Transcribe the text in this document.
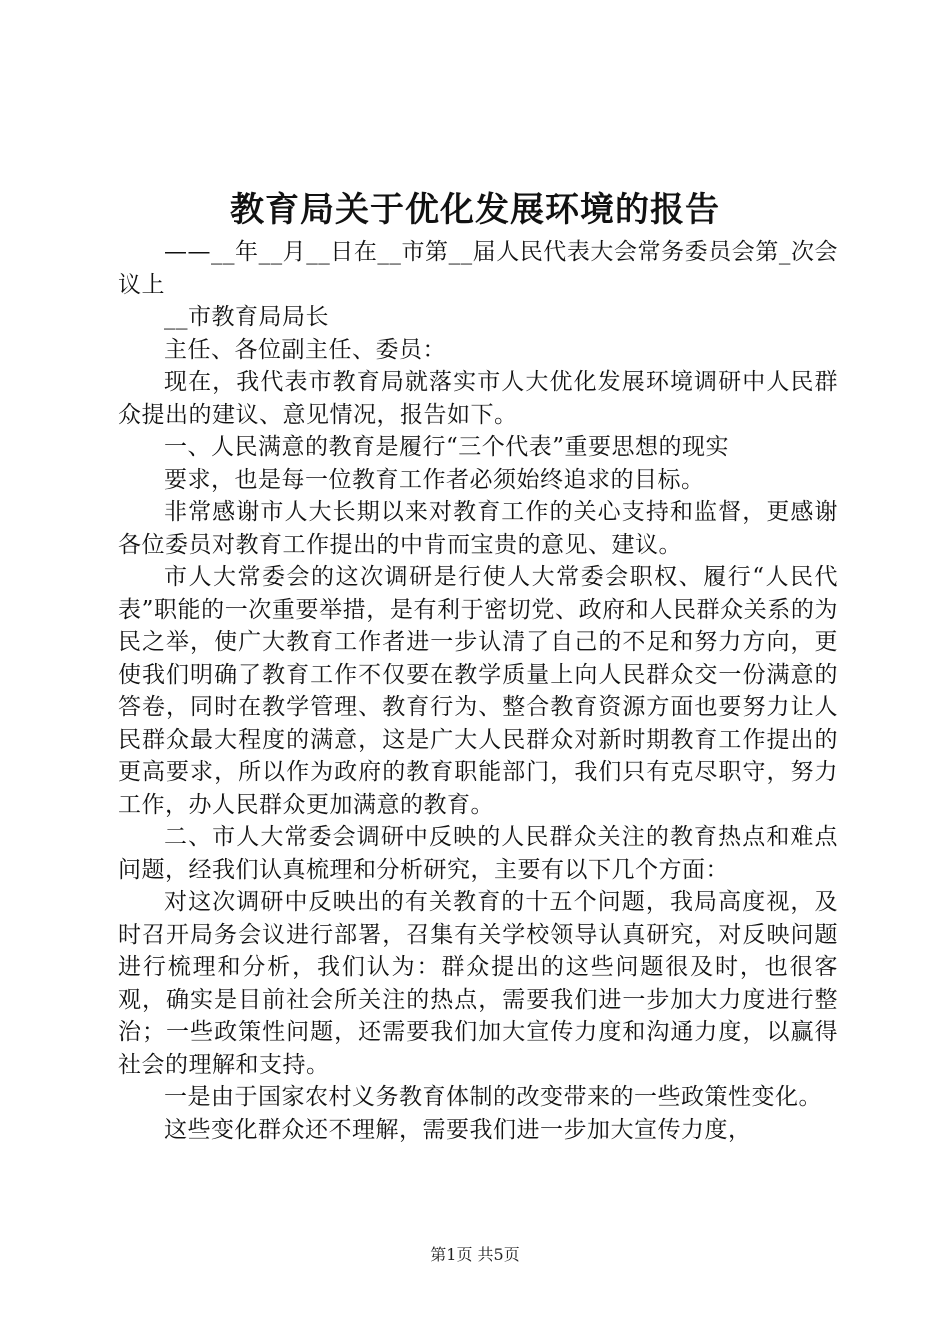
教育局关于优化发展环境的报告

——__年__月__日在__市第__届人民代表大会常务委员会第_次会议上

__市教育局局长

主任、各位副主任、委员：

现在，我代表市教育局就落实市人大优化发展环境调研中人民群众提出的建议、意见情况，报告如下。

一、人民满意的教育是履行“三个代表”重要思想的现实

要求，也是每一位教育工作者必须始终追求的目标。

非常感谢市人大长期以来对教育工作的关心支持和监督，更感谢各位委员对教育工作提出的中肯而宝贵的意见、建议。

市人大常委会的这次调研是行使人大常委会职权、履行“人民代表”职能的一次重要举措，是有利于密切党、政府和人民群众关系的为民之举，使广大教育工作者进一步认清了自己的不足和努力方向，更使我们明确了教育工作不仅要在教学质量上向人民群众交一份满意的答卷，同时在教学管理、教育行为、整合教育资源方面也要努力让人民群众最大程度的满意，这是广大人民群众对新时期教育工作提出的更高要求，所以作为政府的教育职能部门，我们只有克尽职守，努力工作，办人民群众更加满意的教育。

二、市人大常委会调研中反映的人民群众关注的教育热点和难点问题，经我们认真梳理和分析研究，主要有以下几个方面：

对这次调研中反映出的有关教育的十五个问题，我局高度视，及时召开局务会议进行部署，召集有关学校领导认真研究，对反映问题进行梳理和分析，我们认为：群众提出的这些问题很及时，也很客观，确实是目前社会所关注的热点，需要我们进一步加大力度进行整治；一些政策性问题，还需要我们加大宣传力度和沟通力度，以赢得社会的理解和支持。

一是由于国家农村义务教育体制的改变带来的一些政策性变化。

这些变化群众还不理解，需要我们进一步加大宣传力度，

第1页 共5页
